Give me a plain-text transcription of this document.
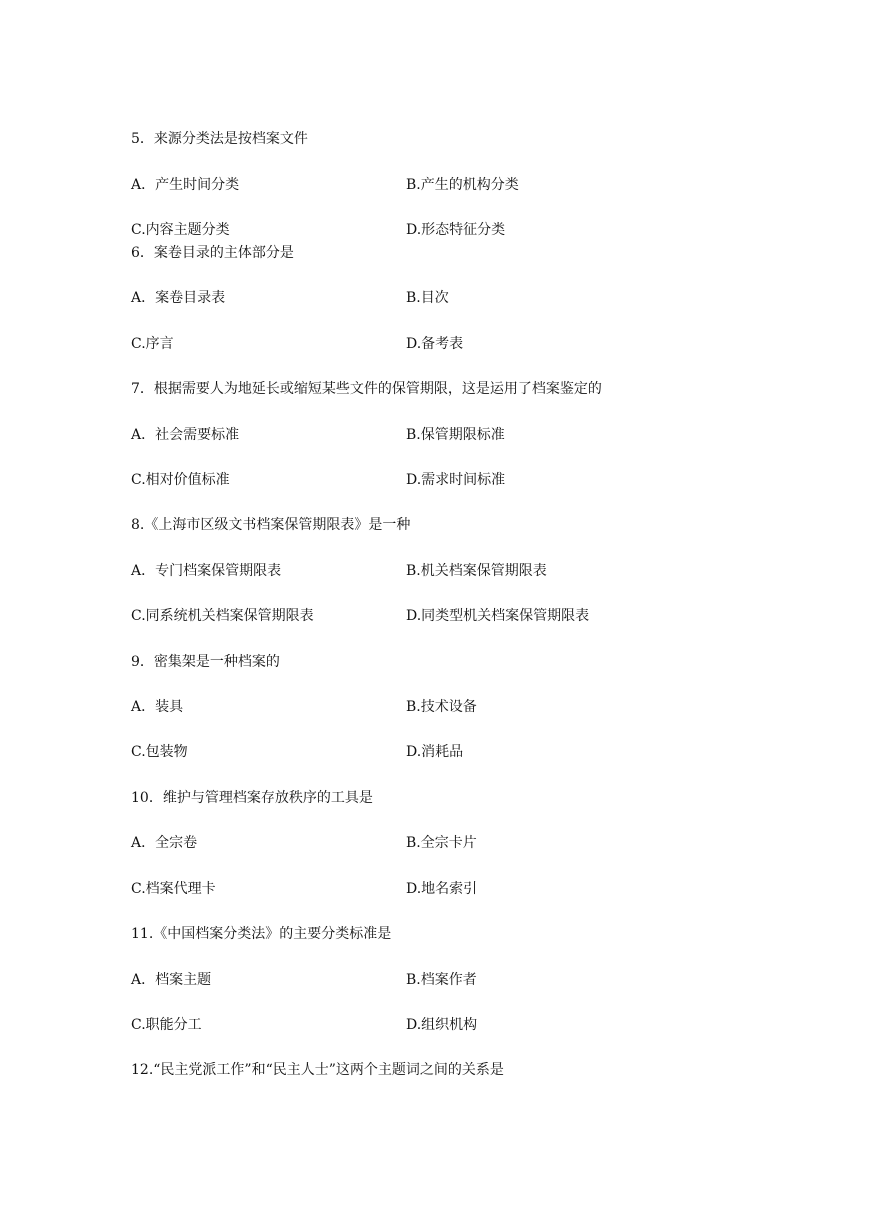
5．来源分类法是按档案文件
A．产生时间分类	B.产生的机构分类
C.内容主题分类	D.形态特征分类
6．案卷目录的主体部分是
A．案卷目录表	B.目次
C.序言	D.备考表
7．根据需要人为地延长或缩短某些文件的保管期限，这是运用了档案鉴定的
A．社会需要标准	B.保管期限标准
C.相对价值标准	D.需求时间标准
8.《上海市区级文书档案保管期限表》是一种
A．专门档案保管期限表	B.机关档案保管期限表
C.同系统机关档案保管期限表	D.同类型机关档案保管期限表
9．密集架是一种档案的
A．装具	B.技术设备
C.包装物	D.消耗品
10．维护与管理档案存放秩序的工具是
A．全宗卷	B.全宗卡片
C.档案代理卡	D.地名索引
11.《中国档案分类法》的主要分类标准是
A．档案主题	B.档案作者
C.职能分工	D.组织机构
12.“民主党派工作”和“民主人士”这两个主题词之间的关系是
